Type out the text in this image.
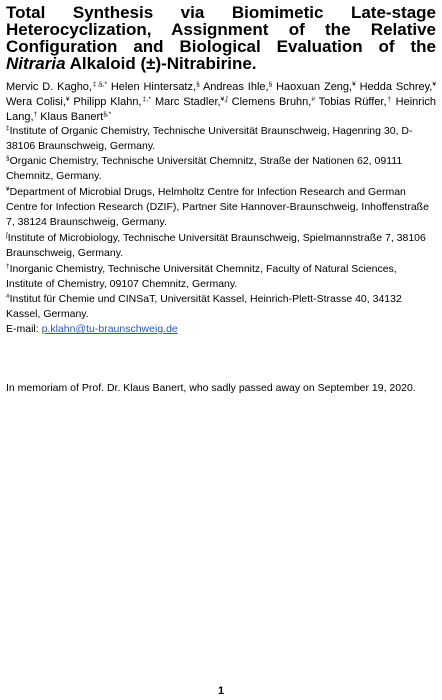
Total Synthesis via Biomimetic Late-stage Heterocyclization, Assignment of the Relative Configuration and Biological Evaluation of the Nitraria Alkaloid (±)-Nitrabirine.
Mervic D. Kagho,‡,§,* Helen Hintersatz,§ Andreas Ihle,§ Haoxuan Zeng,¥ Hedda Schrey,¥ Wera Colisi,¥ Philipp Klahn,‡,* Marc Stadler,¥,∫ Clemens Bruhn,# Tobias Rüffer,† Heinrich Lang,† Klaus Banert§,*

‡Institute of Organic Chemistry, Technische Universität Braunschweig, Hagenring 30, D-38106 Braunschweig, Germany.

§Organic Chemistry, Technische Universität Chemnitz, Straße der Nationen 62, 09111 Chemnitz, Germany.

¥Department of Microbial Drugs, Helmholtz Centre for Infection Research and German Centre for Infection Research (DZIF), Partner Site Hannover-Braunschweig, Inhoffenstraße 7, 38124 Braunschweig, Germany.

∫Institute of Microbiology, Technische Universität Braunschweig, Spielmannstraße 7, 38106 Braunschweig, Germany.

†Inorganic Chemistry, Technische Universität Chemnitz, Faculty of Natural Sciences, Institute of Chemistry, 09107 Chemnitz, Germany.

#Institut für Chemie und CINSaT, Universität Kassel, Heinrich-Plett-Strasse 40, 34132 Kassel, Germany.

E-mail: p.klahn@tu-braunschweig.de

In memoriam of Prof. Dr. Klaus Banert, who sadly passed away on September 19, 2020.

1
